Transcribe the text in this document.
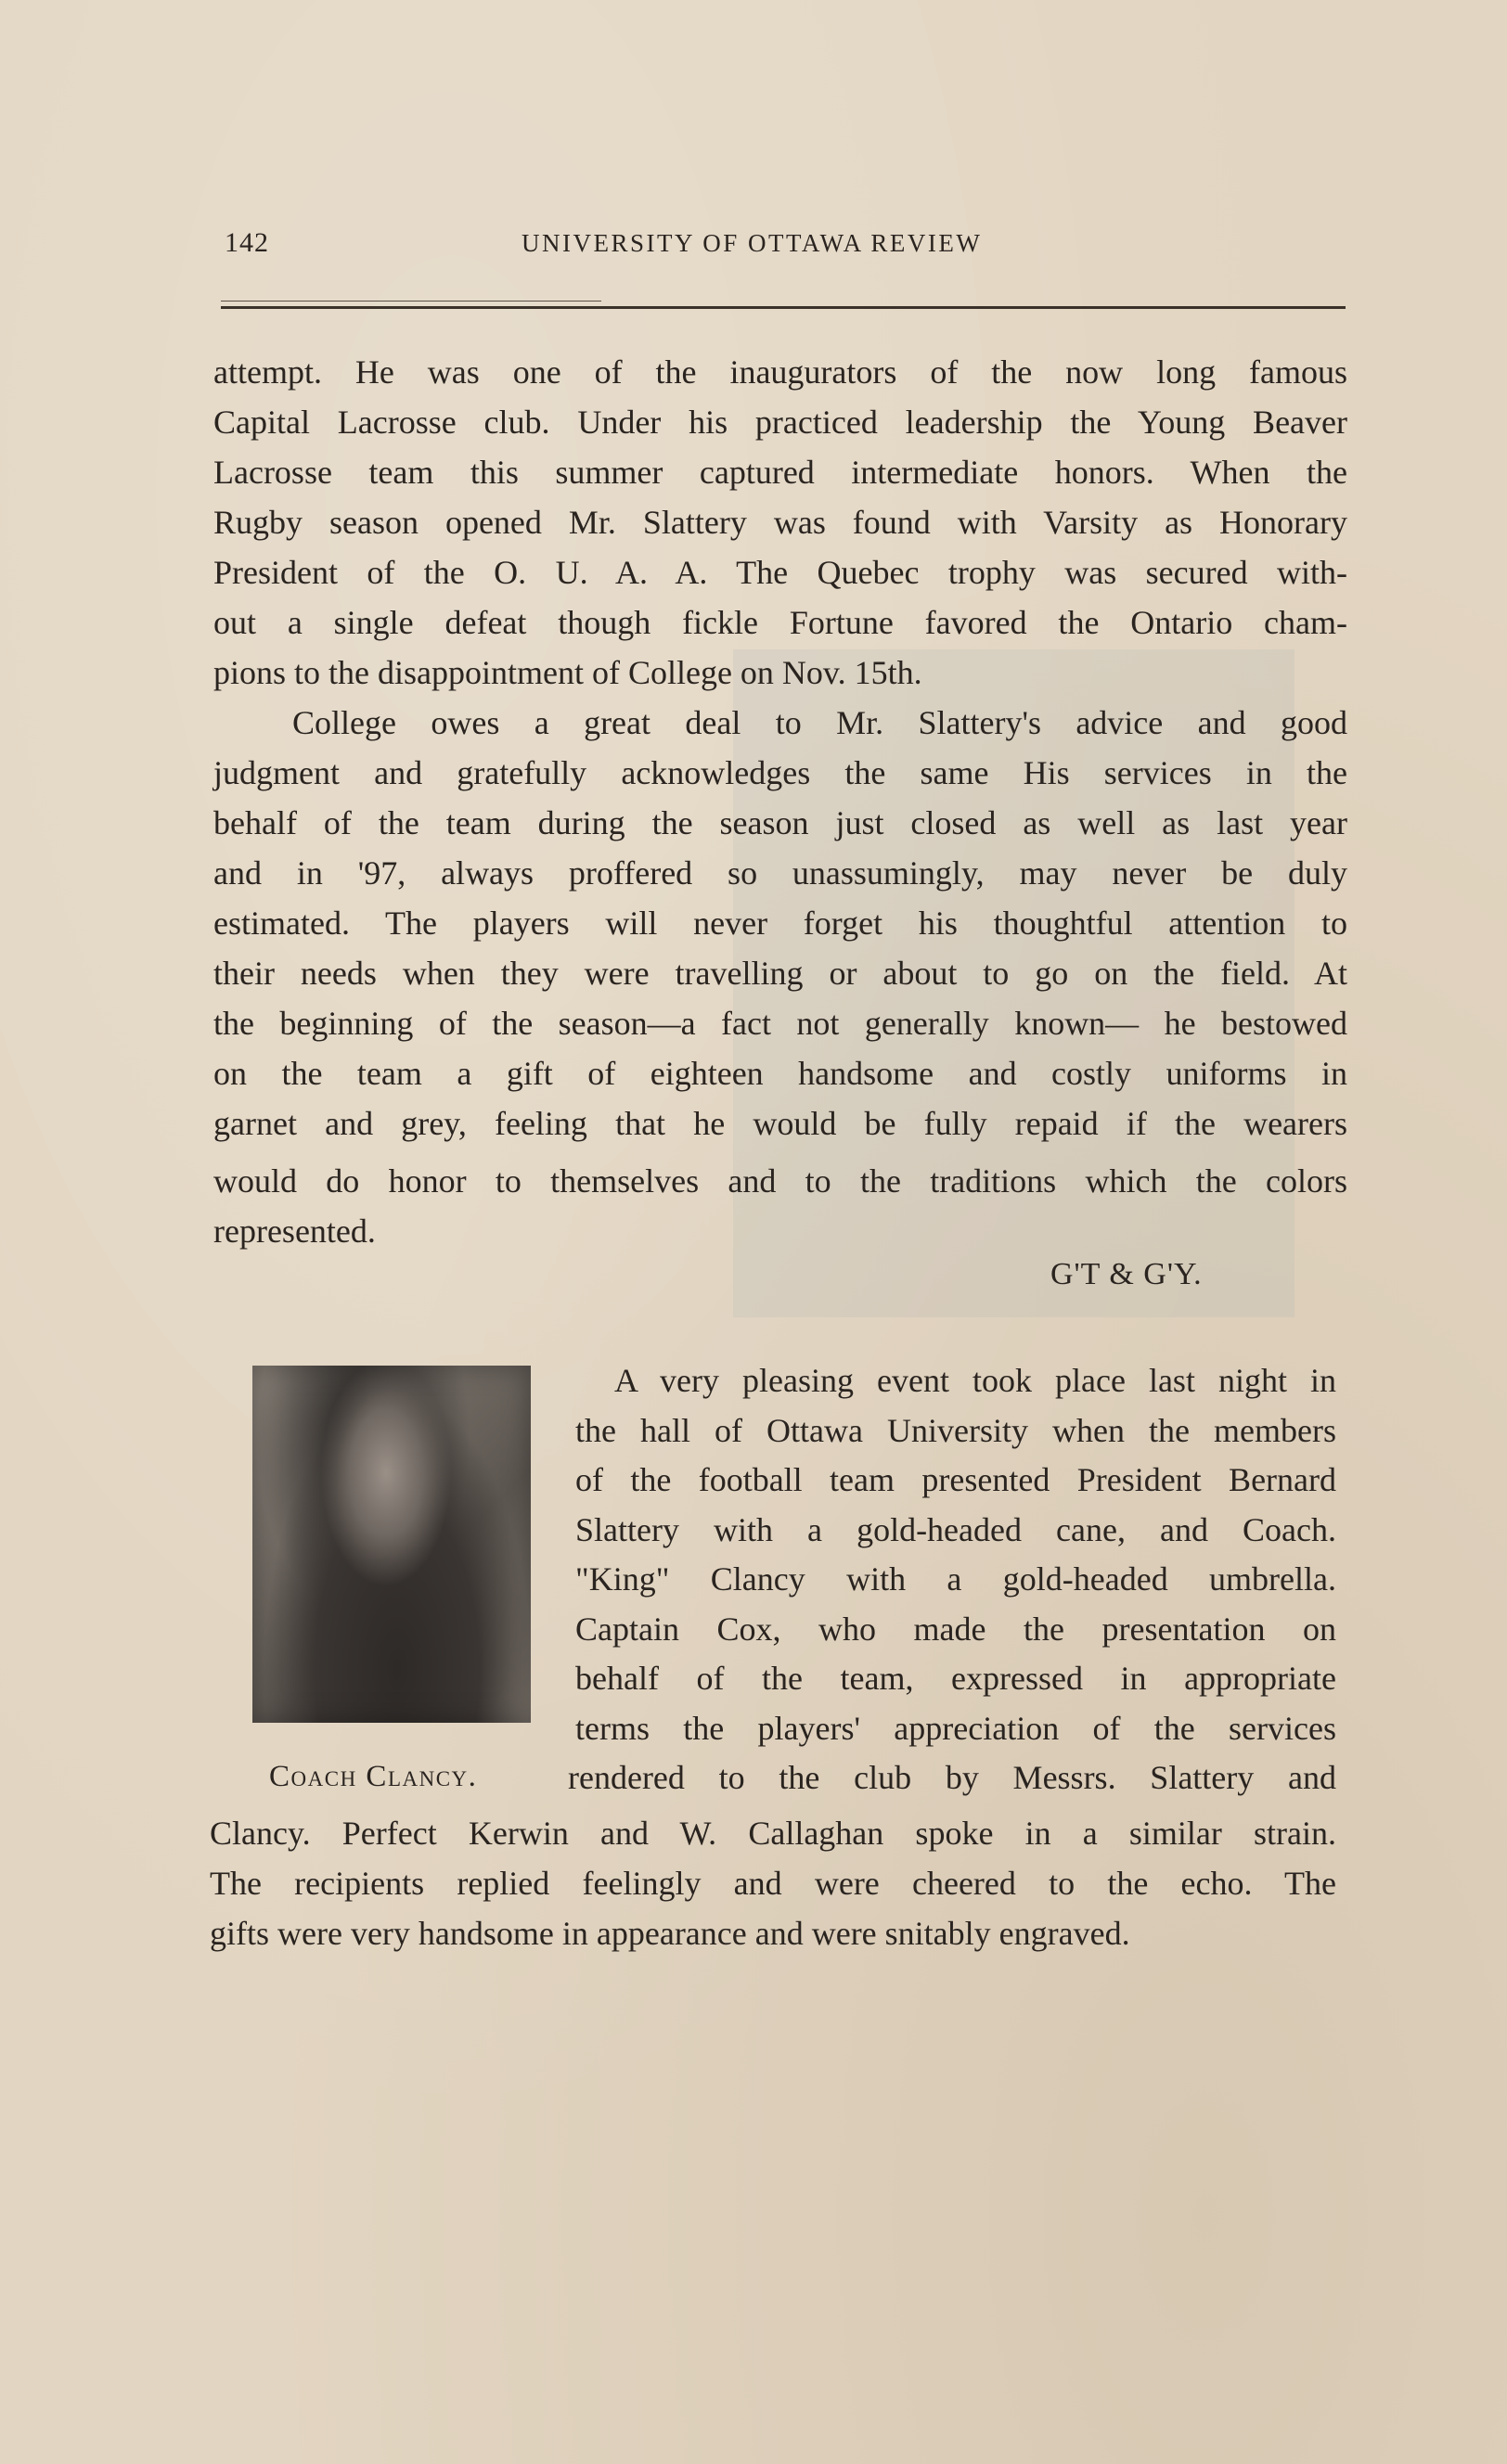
142	UNIVERSITY OF OTTAWA REVIEW

attempt. He was one of the inaugurators of the now long famous
Capital Lacrosse club. Under his practiced leadership the Young Beaver
Lacrosse team this summer captured intermediate honors. When the
Rugby season opened Mr. Slattery was found with Varsity as Honorary
President of the O. U. A. A. The Quebec trophy was secured with-
out a single defeat though fickle Fortune favored the Ontario cham-
pions to the disappointment of College on Nov. 15th.

College owes a great deal to Mr. Slattery's advice and good
judgment and gratefully acknowledges the same His services in the
behalf of the team during the season just closed as well as last year
and in '97, always proffered so unassumingly, may never be duly
estimated. The players will never forget his thoughtful attention to
their needs when they were travelling or about to go on the field. At
the beginning of the season—a fact not generally known— he bestowed
on the team a gift of eighteen handsome and costly uniforms in
garnet and grey, feeling that he would be fully repaid if the wearers
would do honor to themselves and to the traditions which the colors
represented.

G'T & G'Y.
Coach Clancy.

A very pleasing event took place last night in
the hall of Ottawa University when the members
of the football team presented President Bernard
Slattery with a gold-headed cane, and Coach.
"King" Clancy with a gold-headed umbrella.
Captain Cox, who made the presentation on
behalf of the team, expressed in appropriate
terms the players' appreciation of the services
rendered to the club by Messrs. Slattery and

Clancy. Perfect Kerwin and W. Callaghan spoke in a similar strain.
The recipients replied feelingly and were cheered to the echo. The
gifts were very handsome in appearance and were snitably engraved.
